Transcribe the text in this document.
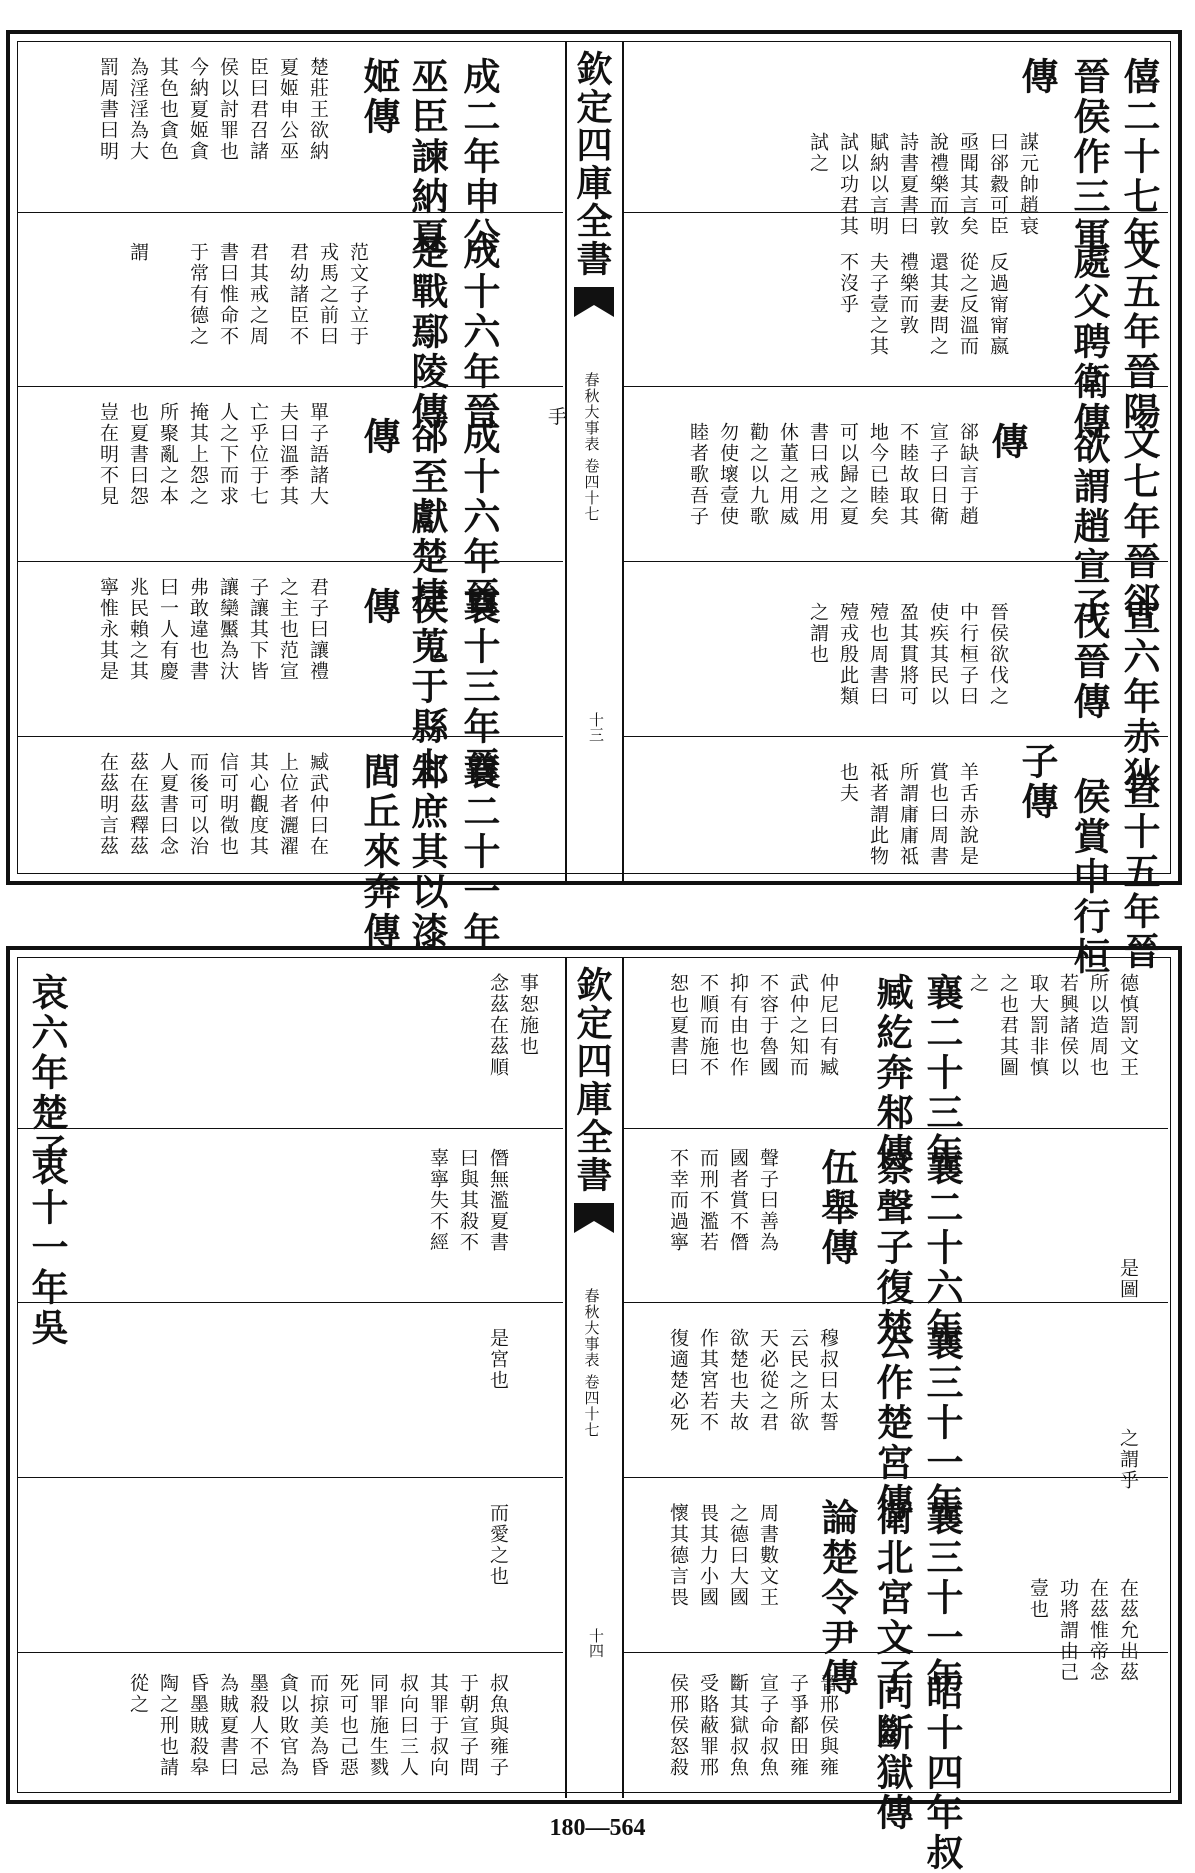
僖二十七年
文五年晉陽
文七年晉郤
宣六年赤狄
宣十五年晉
晉侯作三軍
處父聘衛傳
欲謂趙宣子
伐晉傳
侯賞中行桓
傳
謀元帥趙衰
曰郤縠可臣
亟聞其言矣
說禮樂而敦
詩書夏書曰
賦納以言明
試以功君其
試之
反過甯甯嬴
從之反溫而
還其妻問之
禮樂而敦
夫子壹之其
不沒乎
傳
郤缺言于趙
宣子曰日衛
不睦故取其
地今已睦矣
可以歸之夏
書曰戒之用
休董之用威
勸之以九歌
勿使壞壹使
睦者歌吾子
晉侯欲伐之
中行桓子曰
使疾其民以
盈其貫將可
殪也周書曰
殪戎殷此類
之謂也
子傳
羊舌赤說是
賞也曰周書
所謂庸庸祗
祗者謂此物
也夫
成二年申公
巫臣諫納夏
姬傳
楚莊王欲納
夏姬申公巫
臣曰君召諸
侯以討罪也
今納夏姬貪
其色也貪色
為淫淫為大
罰周書曰明
成十六年晉
楚戰鄢陵傳
范文子立于
戎馬之前曰
君幼諸臣不
君其戒之周
書曰惟命不
于常有德之
謂
成十六年晉
郤至獻楚捷
傳
單子語諸大
夫曰溫季其
亡乎位于七
人之下而求
掩其上怨之
所聚亂之本
也夏書曰怨
豈在明不見
襄十三年晉
侯蒐于縣上
傳
君子曰讓禮
之主也范宣
子讓其下皆
讓欒黶為汏
弗敢違也書
曰一人有慶
兆民賴之其
寧惟永其是
襄二十一年
邾庶其以漆
閭丘來奔傳
臧武仲曰在
上位者灑濯
其心觀度其
信可明徵也
而後可以治
人夏書曰念
茲在茲釋茲
在茲明言茲
欽定四庫全書
春秋大事表 卷四十七
十三
手
德慎罰文王
所以造周也
若興諸侯以
取大罰非慎
之也君其圖
之
是圖
之謂乎
在茲允出茲
在茲惟帝念
功將謂由己
壹也
襄二十三年
臧紇奔邾傳
仲尼曰有臧
武仲之知而
不容于魯國
抑有由也作
不順而施不
恕也夏書曰
襄二十六年
蔡聲子復楚
伍舉傳
聲子曰善為
國者賞不僭
而刑不濫若
不幸而過寧
襄三十一年
公作楚宮傳
穆叔曰太誓
云民之所欲
天必從之君
欲楚也夫故
作其宮若不
復適楚必死
襄三十一年
衛北宮文子
論楚令尹傳
周書數文王
之德曰大國
畏其力小國
懷其德言畏
昭十四年叔
向斷獄傳
晉邢侯與雍
子爭鄐田雍
宣子命叔魚
斷其獄叔魚
受賂蔽罪邢
侯邢侯怒殺
事恕施也
念茲在茲順
僭無濫夏書
曰與其殺不
辜寧失不經
是宮也
而愛之也
叔魚與雍子
于朝宣子問
其罪于叔向
叔向曰三人
同罪施生戮
死可也己惡
而掠美為昏
貪以敗官為
墨殺人不忌
為賊夏書曰
昏墨賊殺皋
陶之刑也請
從之
哀六年楚子
哀十一年吳
欽定四庫全書
春秋大事表 卷四十七
十四
180—564
